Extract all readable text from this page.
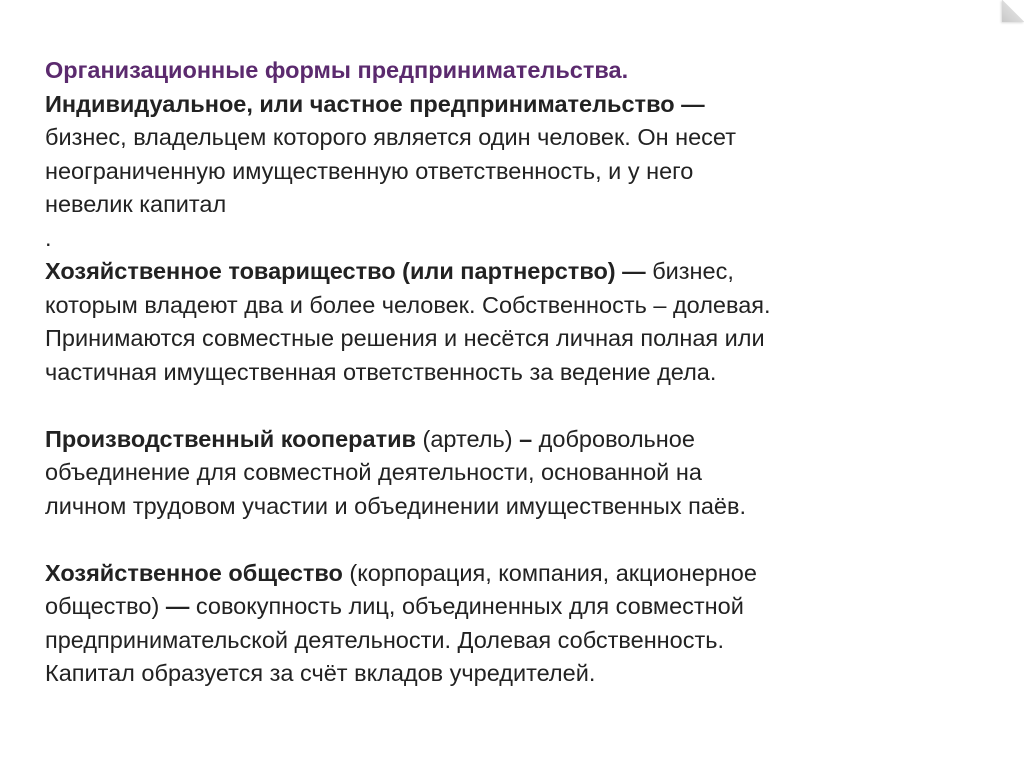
Организационные формы предпринимательства.
Индивидуальное, или частное предпринимательство —
бизнес, владельцем которого является один человек. Он несет
неограниченную имущественную ответственность, и у него
невелик капитал
.
Хозяйственное товарищество (или партнерство) — бизнес,
которым владеют два и более человек. Собственность – долевая.
Принимаются совместные решения и несётся личная полная или
частичная имущественная ответственность за ведение дела.
Производственный кооператив (артель) – добровольное
объединение для совместной деятельности, основанной на
личном трудовом участии и объединении имущественных паёв.
Хозяйственное общество (корпорация, компания, акционерное
общество) — совокупность лиц, объединенных для совместной
предпринимательской деятельности. Долевая собственность.
Капитал образуется за счёт вкладов учредителей.
